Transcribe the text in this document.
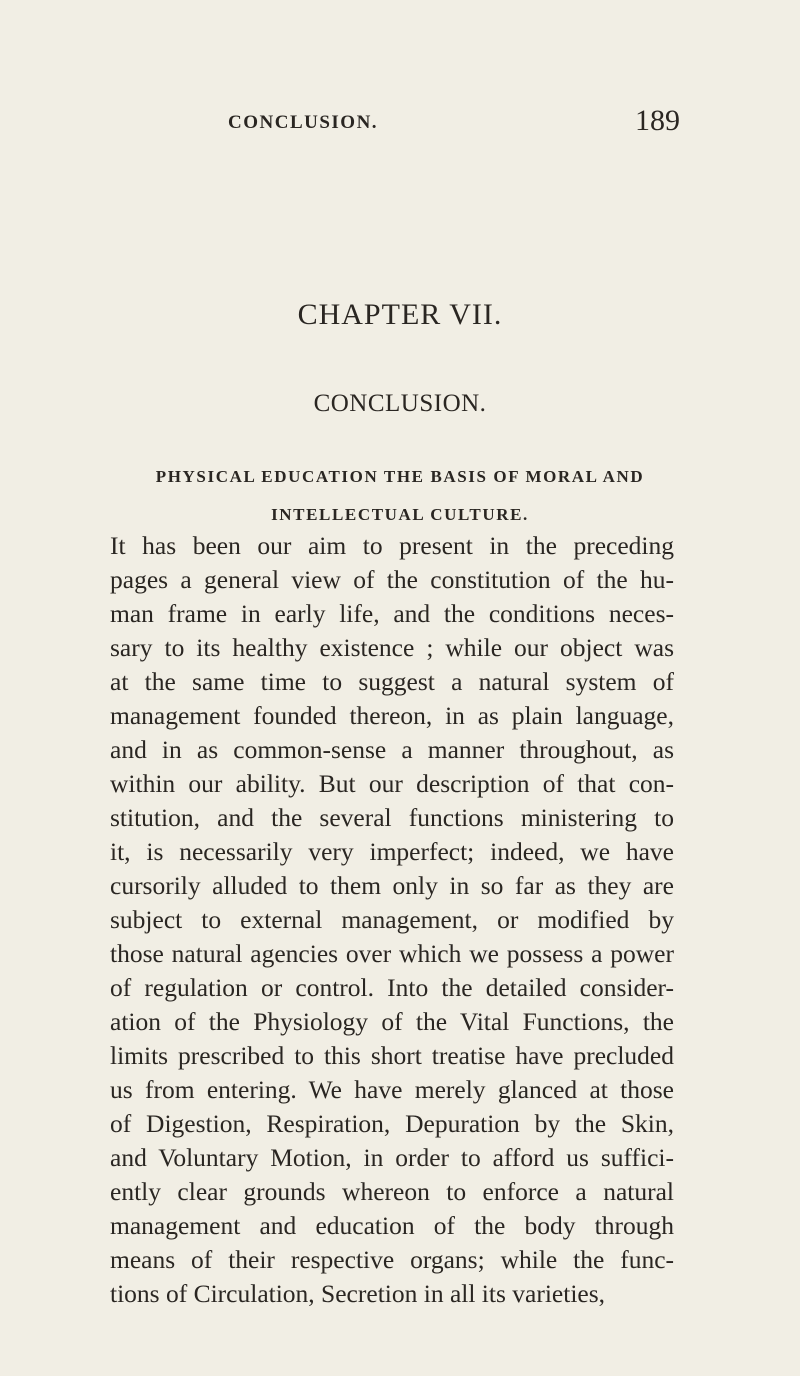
CONCLUSION.	189
CHAPTER VII.
CONCLUSION.
PHYSICAL EDUCATION THE BASIS OF MORAL AND INTELLECTUAL CULTURE.
It has been our aim to present in the preceding
pages a general view of the constitution of the hu-
man frame in early life, and the conditions neces-
sary to its healthy existence ; while our object was
at the same time to suggest a natural system of
management founded thereon, in as plain language,
and in as common-sense a manner throughout, as
within our ability. But our description of that con-
stitution, and the several functions ministering to
it, is necessarily very imperfect; indeed, we have
cursorily alluded to them only in so far as they are
subject to external management, or modified by
those natural agencies over which we possess a power
of regulation or control. Into the detailed consider-
ation of the Physiology of the Vital Functions, the
limits prescribed to this short treatise have precluded
us from entering. We have merely glanced at those
of Digestion, Respiration, Depuration by the Skin,
and Voluntary Motion, in order to afford us suffici-
ently clear grounds whereon to enforce a natural
management and education of the body through
means of their respective organs; while the func-
tions of Circulation, Secretion in all its varieties,
